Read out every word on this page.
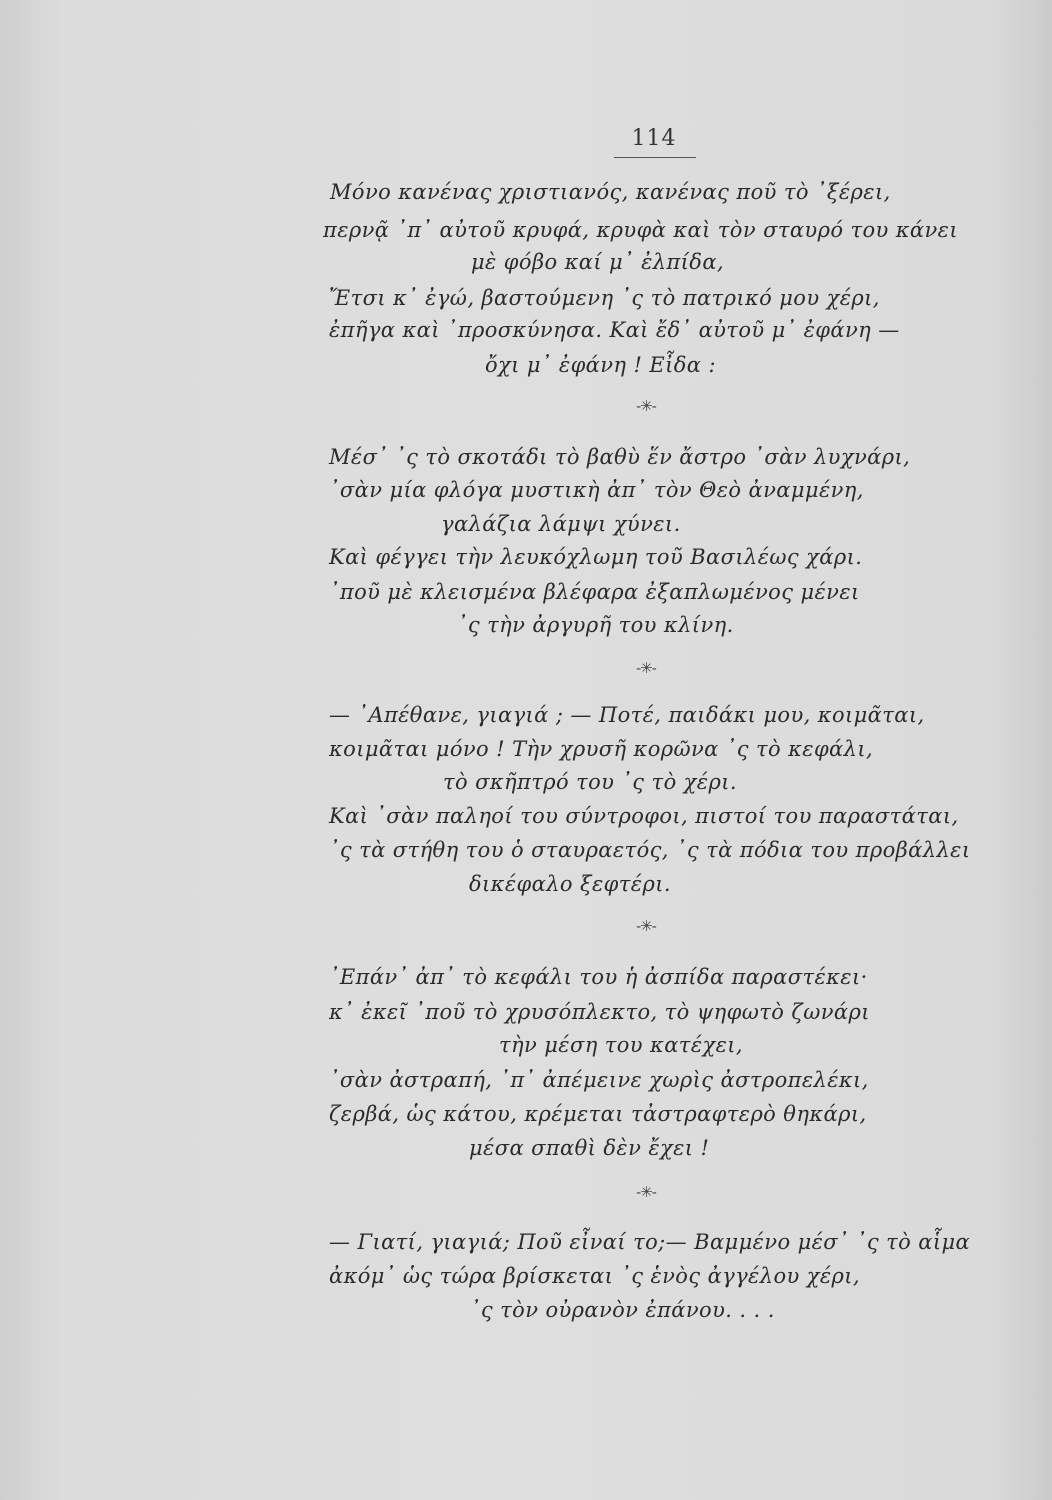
114
Μόνο κανένας χριστιανός, κανένας ποῦ τὸ ᾿ξέρει,
περνᾷ ᾿π᾿ αὐτοῦ κρυφά, κρυφὰ καὶ τὸν σταυρό του κάνει
μὲ φόβο καί μ᾿ ἐλπίδα,
Ἔτσι κ᾿ ἐγώ, βαστούμενη ᾿ς τὸ πατρικό μου χέρι,
ἐπῆγα καὶ ᾿προσκύνησα. Καὶ ἔδ᾿ αὐτοῦ μ᾿ ἐφάνη —
ὄχι μ᾿ ἐφάνη ! Εἶδα :
-✳-
Μέσ᾿ ᾿ς τὸ σκοτάδι τὸ βαθὺ ἕν ἄστρο ᾿σὰν λυχνάρι,
᾿σὰν μία φλόγα μυστικὴ ἀπ᾿ τὸν Θεὸ ἀναμμένη,
γαλάζια λάμψι χύνει.
Καὶ φέγγει τὴν λευκόχλωμη τοῦ Βασιλέως χάρι.
᾿ποῦ μὲ κλεισμένα βλέφαρα ἐξαπλωμένος μένει
᾿ς τὴν ἀργυρῆ του κλίνη.
-✳-
— ᾿Απέθανε, γιαγιά ; — Ποτέ, παιδάκι μου, κοιμᾶται,
κοιμᾶται μόνο ! Τὴν χρυσῆ κορῶνα ᾿ς τὸ κεφάλι,
τὸ σκῆπτρό του ᾿ς τὸ χέρι.
Καὶ ᾿σὰν παληοί του σύντροφοι, πιστοί του παραστάται,
᾿ς τὰ στήθη του ὁ σταυραετός, ᾿ς τὰ πόδια του προβάλλει
δικέφαλο ξεφτέρι.
-✳-
᾿Επάν᾿ ἀπ᾿ τὸ κεφάλι του ἡ ἀσπίδα παραστέκει·
κ᾿ ἐκεῖ ᾿ποῦ τὸ χρυσόπλεκτο, τὸ ψηφωτὸ ζωνάρι
τὴν μέση του κατέχει,
᾿σὰν ἀστραπή, ᾿π᾿ ἀπέμεινε χωρὶς ἀστροπελέκι,
ζερβά, ὡς κάτου, κρέμεται τἀστραφτερὸ θηκάρι,
μέσα σπαθὶ δὲν ἔχει !
-✳-
— Γιατί, γιαγιά; Ποῦ εἶναί το;— Βαμμένο μέσ᾿ ᾿ς τὸ αἷμα
ἀκόμ᾿ ὡς τώρα βρίσκεται ᾿ς ἑνὸς ἀγγέλου χέρι,
᾿ς τὸν οὐρανὸν ἐπάνου. . . .
